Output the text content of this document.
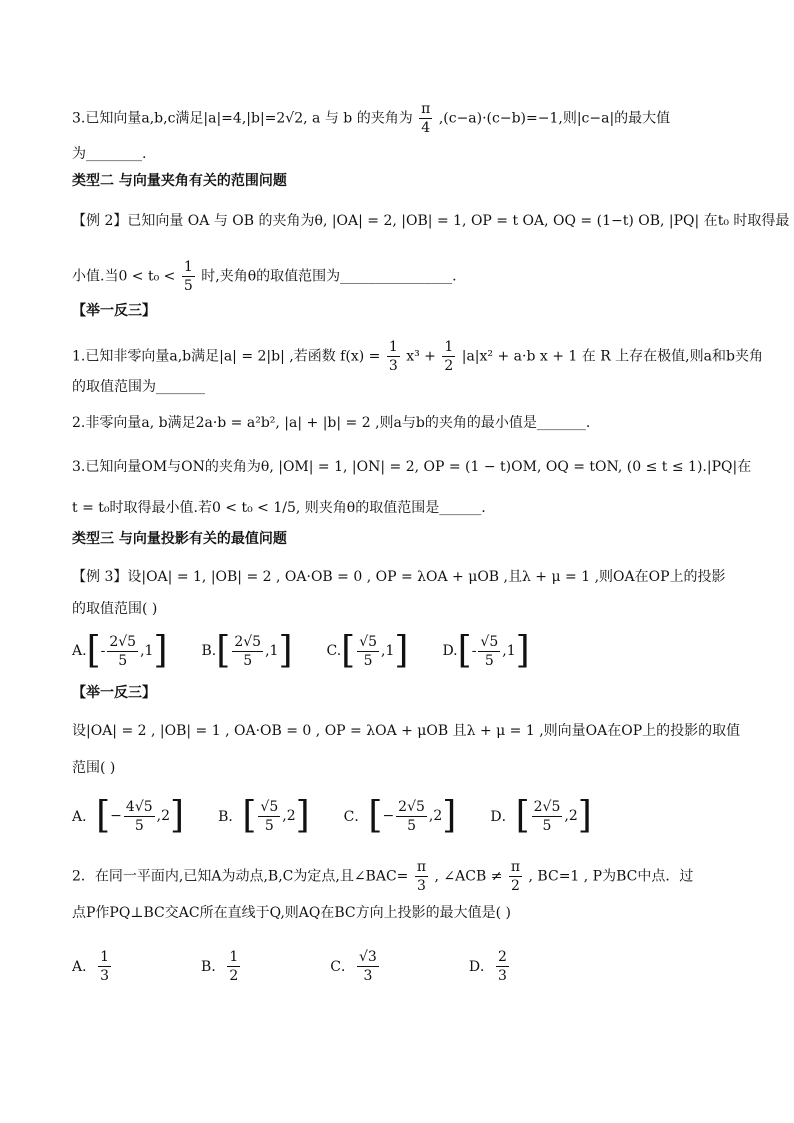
3.已知向量a,b,c满足|a|=4,|b|=2√2, a 与 b 的夹角为 $\frac{\pi}{4} ,(c-a)\cdot(c-b)=-1$,则|c−a|的最大值
为________.
类型二 与向量夹角有关的范围问题
【例 2】已知向量 OA 与 OB 的夹角为θ, |OA| = 2, |OB| = 1, OP = t OA, OQ = (1−t) OB, |PQ| 在t₀ 时取得最
小值.当$0 < t_0 < \frac{1}{5}$ 时,夹角θ的取值范围为________________.
【举一反三】
1.已知非零向量a,b满足|a| = 2|b| ,若函数 $f(x) = \frac{1}{3} x^3 + \frac{1}{2} |a|x^2 + a\cdot b$ x + 1 在 R 上存在极值,则a和b夹角
的取值范围为_______
2.非零向量a, b满足2a·b = a²b², |a| + |b| = 2 ,则a与b的夹角的最小值是_______.
3.已知向量OM与ON的夹角为θ, |OM| = 1, |ON| = 2, OP = (1 − t)OM, OQ = tON, (0 ≤ t ≤ 1).|PQ|在
t = t₀时取得最小值.若0 < t₀ < 1/5, 则夹角θ的取值范围是______.
类型三 与向量投影有关的最值问题
【例 3】设|OA| = 1, |OB| = 2 , OA·OB = 0 , OP = λOA + μOB ,且λ + μ = 1 ,则OA在OP上的投影
的取值范围( )
A. [ - $\frac{2√5}{5}$ , 1 ] B. [ $\frac{2√5}{5}$ , 1 ] C. [ $\frac{√5}{5}$ , 1 ] D. [ - $\frac{√5}{5}$ , 1 ]
【举一反三】
设|OA| = 2 , |OB| = 1 , OA·OB = 0 , OP = λOA + μOB 且λ + μ = 1 ,则向量OA在OP上的投影的取值
范围( )
A． [ − $\frac{4√5}{5}$ , 2 ] B． [ $\frac{√5}{5}$ , 2 ] C． [ − $\frac{2√5}{5}$ , 2 ] D． [ $\frac{2√5}{5}$ , 2 ]
2．在同一平面内,已知A为动点,B,C为定点,且∠BAC= $\frac{\pi}{3}$ , ∠ACB ≠ $\frac{\pi}{2}$ , BC=1 , P为BC中点．过
点P作PQ⊥BC交AC所在直线于Q,则AQ在BC方向上投影的最大值是( )
A． $\frac{1}{3}$	B． $\frac{1}{2}$	C． $\frac{√3}{3}$	D． $\frac{2}{3}$
